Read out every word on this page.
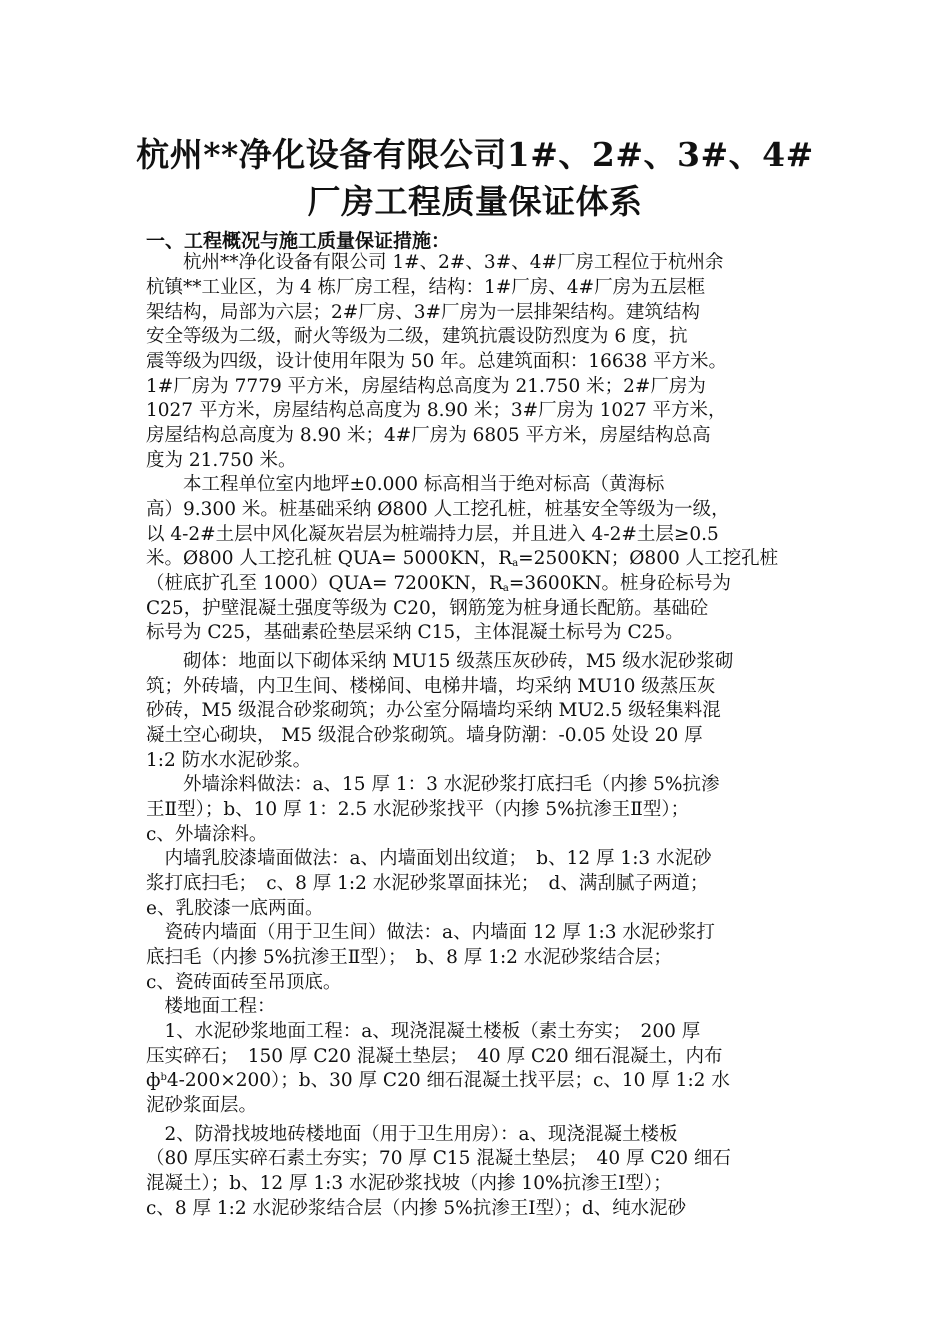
杭州**净化设备有限公司1#、2#、3#、4#
厂房工程质量保证体系
一、工程概况与施工质量保证措施：
　　杭州**净化设备有限公司 1#、2#、3#、4#厂房工程位于杭州余
杭镇**工业区，为 4 栋厂房工程，结构：1#厂房、4#厂房为五层框
架结构，局部为六层；2#厂房、3#厂房为一层排架结构。建筑结构
安全等级为二级，耐火等级为二级，建筑抗震设防烈度为 6 度，抗
震等级为四级，设计使用年限为 50 年。总建筑面积：16638 平方米。
1#厂房为 7779 平方米，房屋结构总高度为 21.750 米；2#厂房为
1027 平方米，房屋结构总高度为 8.90 米；3#厂房为 1027 平方米，
房屋结构总高度为 8.90 米；4#厂房为 6805 平方米，房屋结构总高
度为 21.750 米。
　　本工程单位室内地坪±0.000 标高相当于绝对标高（黄海标
高）9.300 米。桩基础采纳 Ø800 人工挖孔桩，桩基安全等级为一级，
以 4-2#土层中风化凝灰岩层为桩端持力层，并且进入 4-2#土层≥0.5
米。Ø800 人工挖孔桩 QUA= 5000KN，$R_a=2500KN$；Ø800 人工挖孔桩
（桩底扩孔至 1000）QUA= 7200KN，$R_a=3600KN$。桩身砼标号为
C25，护壁混凝土强度等级为 C20，钢筋笼为桩身通长配筋。基础砼
标号为 C25，基础素砼垫层采纳 C15，主体混凝土标号为 C25。
　　砌体：地面以下砌体采纳 MU15 级蒸压灰砂砖，M5 级水泥砂浆砌
筑；外砖墙，内卫生间、楼梯间、电梯井墙，均采纳 MU10 级蒸压灰
砂砖，M5 级混合砂浆砌筑；办公室分隔墙均采纳 MU2.5 级轻集料混
凝土空心砌块， M5 级混合砂浆砌筑。墙身防潮：-0.05 处设 20 厚
1:2 防水水泥砂浆。
　　外墙涂料做法：a、15 厚 1：3 水泥砂浆打底扫毛（内掺 5%抗渗
王Ⅱ型）；b、10 厚 1：2.5 水泥砂浆找平（内掺 5%抗渗王Ⅱ型）；
c、外墙涂料。
　内墙乳胶漆墙面做法：a、内墙面划出纹道；　b、12 厚 1:3 水泥砂
浆打底扫毛；　c、8 厚 1:2 水泥砂浆罩面抹光；　d、满刮腻子两道；
e、乳胶漆一底两面。
　瓷砖内墙面（用于卫生间）做法：a、内墙面 12 厚 1:3 水泥砂浆打
底扫毛（内掺 5%抗渗王Ⅱ型）；　b、8 厚 1:2 水泥砂浆结合层；
c、瓷砖面砖至吊顶底。
　楼地面工程：
　1、水泥砂浆地面工程：a、现浇混凝土楼板（素土夯实；　200 厚
压实碎石；　150 厚 C20 混凝土垫层；　40 厚 C20 细石混凝土，内布
$ф^b4-200\times 200$）；b、30 厚 C20 细石混凝土找平层；c、10 厚 1:2 水
泥砂浆面层。
　2、防滑找坡地砖楼地面（用于卫生用房）：a、现浇混凝土楼板
（80 厚压实碎石素土夯实；70 厚 C15 混凝土垫层；　40 厚 C20 细石
混凝土）；b、12 厚 1:3 水泥砂浆找坡（内掺 10%抗渗王Ⅰ型）；
c、8 厚 1:2 水泥砂浆结合层（内掺 5%抗渗王Ⅰ型）；d、纯水泥砂
